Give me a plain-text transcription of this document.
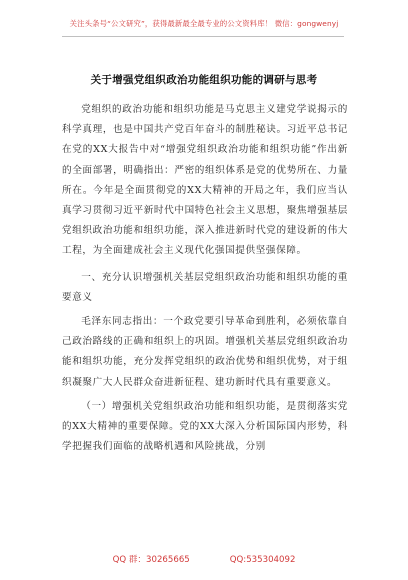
关注头条号“公文研究”，获得最新最全最专业的公文资料库！ 微信：gongwenyj
关于增强党组织政治功能组织功能的调研与思考

党组织的政治功能和组织功能是马克思主义建党学说揭示的科学真理，也是中国共产党百年奋斗的制胜秘诀。习近平总书记在党的XX大报告中对“增强党组织政治功能和组织功能”作出新的全面部署，明确指出：严密的组织体系是党的优势所在、力量所在。今年是全面贯彻党的XX大精神的开局之年，我们应当认真学习贯彻习近平新时代中国特色社会主义思想，聚焦增强基层党组织政治功能和组织功能，深入推进新时代党的建设新的伟大工程，为全面建成社会主义现代化强国提供坚强保障。

一、充分认识增强机关基层党组织政治功能和组织功能的重要意义

毛泽东同志指出：一个政党要引导革命到胜利，必须依靠自己政治路线的正确和组织上的巩固。增强机关基层党组织政治功能和组织功能，充分发挥党组织的政治优势和组织优势，对于组织凝聚广大人民群众奋进新征程、建功新时代具有重要意义。

（一）增强机关党组织政治功能和组织功能，是贯彻落实党的XX大精神的重要保障。党的XX大深入分析国际国内形势，科学把握我们面临的战略机遇和风险挑战，分别

QQ 群：30265665	QQ:535304092
